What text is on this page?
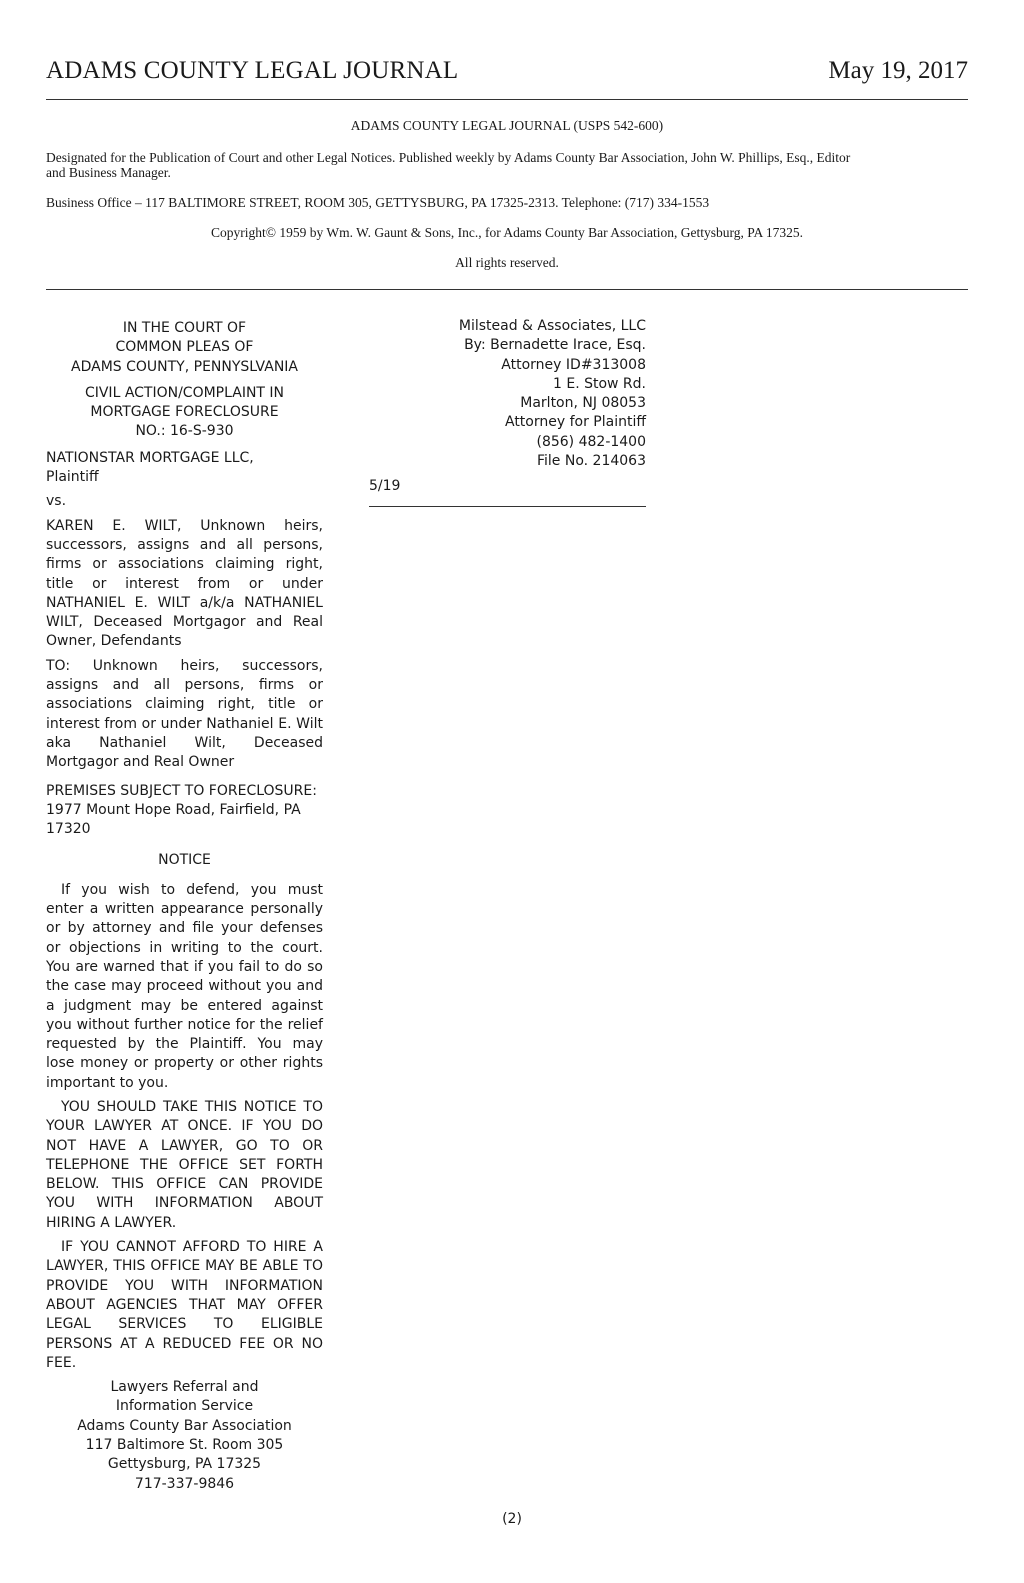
ADAMS COUNTY LEGAL JOURNAL	May 19, 2017
ADAMS COUNTY LEGAL JOURNAL (USPS 542-600)
Designated for the Publication of Court and other Legal Notices. Published weekly by Adams County Bar Association, John W. Phillips, Esq., Editor and Business Manager.
Business Office – 117 BALTIMORE STREET, ROOM 305, GETTYSBURG, PA 17325-2313. Telephone: (717) 334-1553
Copyright© 1959 by Wm. W. Gaunt & Sons, Inc., for Adams County Bar Association, Gettysburg, PA 17325.
All rights reserved.

IN THE COURT OF

COMMON PLEAS OF

ADAMS COUNTY, PENNYSLVANIA

CIVIL ACTION/COMPLAINT IN

MORTGAGE FORECLOSURE

NO.: 16-S-930

NATIONSTAR MORTGAGE LLC,

Plaintiff

vs.

KAREN E. WILT, Unknown heirs, successors, assigns and all persons, firms or associations claiming right, title or interest from or under NATHANIEL E. WILT a/k/a NATHANIEL WILT, Deceased Mortgagor and Real Owner, Defendants

TO: Unknown heirs, successors, assigns and all persons, firms or associations claiming right, title or interest from or under Nathaniel E. Wilt aka Nathaniel Wilt, Deceased Mortgagor and Real Owner

PREMISES SUBJECT TO FORECLOSURE: 1977 Mount Hope Road, Fairfield, PA 17320

NOTICE

If you wish to defend, you must enter a written appearance personally or by attorney and file your defenses or objections in writing to the court. You are warned that if you fail to do so the case may proceed without you and a judgment may be entered against you without further notice for the relief requested by the Plaintiff. You may lose money or property or other rights important to you.

YOU SHOULD TAKE THIS NOTICE TO YOUR LAWYER AT ONCE. IF YOU DO NOT HAVE A LAWYER, GO TO OR TELEPHONE THE OFFICE SET FORTH BELOW. THIS OFFICE CAN PROVIDE YOU WITH INFORMATION ABOUT HIRING A LAWYER.

IF YOU CANNOT AFFORD TO HIRE A LAWYER, THIS OFFICE MAY BE ABLE TO PROVIDE YOU WITH INFORMATION ABOUT AGENCIES THAT MAY OFFER LEGAL SERVICES TO ELIGIBLE PERSONS AT A REDUCED FEE OR NO FEE.

Lawyers Referral and

Information Service

Adams County Bar Association

117 Baltimore St. Room 305

Gettysburg, PA 17325

717-337-9846

Milstead & Associates, LLC
By: Bernadette Irace, Esq.
Attorney ID#313008
1 E. Stow Rd.
Marlton, NJ 08053
Attorney for Plaintiff
(856) 482-1400
File No. 214063
5/19
(2)
